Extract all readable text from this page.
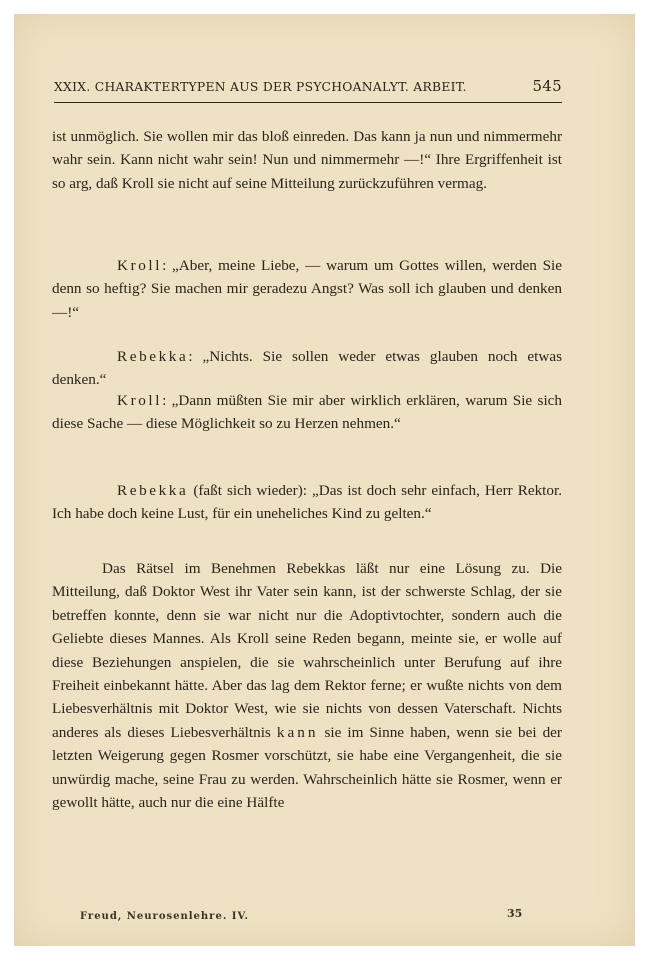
XXIX. CHARAKTERTYPEN AUS DER PSYCHOANALYT. ARBEIT.	545
ist unmöglich. Sie wollen mir das bloß einreden. Das kann ja nun und nimmermehr wahr sein. Kann nicht wahr sein! Nun und nimmermehr —!“ Ihre Ergriffenheit ist so arg, daß Kroll sie nicht auf seine Mitteilung zurückzuführen vermag.
Kroll: „Aber, meine Liebe, — warum um Gottes willen, werden Sie denn so heftig? Sie machen mir geradezu Angst? Was soll ich glauben und denken —!“
Rebekka: „Nichts. Sie sollen weder etwas glauben noch etwas denken.“
Kroll: „Dann müßten Sie mir aber wirklich erklären, warum Sie sich diese Sache — diese Möglichkeit so zu Herzen nehmen.“
Rebekka (faßt sich wieder): „Das ist doch sehr einfach, Herr Rektor. Ich habe doch keine Lust, für ein uneheliches Kind zu gelten.“
Das Rätsel im Benehmen Rebekkas läßt nur eine Lösung zu. Die Mitteilung, daß Doktor West ihr Vater sein kann, ist der schwerste Schlag, der sie betreffen konnte, denn sie war nicht nur die Adoptivtochter, sondern auch die Geliebte dieses Mannes. Als Kroll seine Reden begann, meinte sie, er wolle auf diese Beziehungen anspielen, die sie wahrscheinlich unter Berufung auf ihre Freiheit einbekannt hätte. Aber das lag dem Rektor ferne; er wußte nichts von dem Liebesverhältnis mit Doktor West, wie sie nichts von dessen Vaterschaft. Nichts anderes als dieses Liebesverhältnis kann sie im Sinne haben, wenn sie bei der letzten Weigerung gegen Rosmer vorschützt, sie habe eine Vergangenheit, die sie unwürdig mache, seine Frau zu werden. Wahrscheinlich hätte sie Rosmer, wenn er gewollt hätte, auch nur die eine Hälfte
Freud, Neurosenlehre. IV.	35
